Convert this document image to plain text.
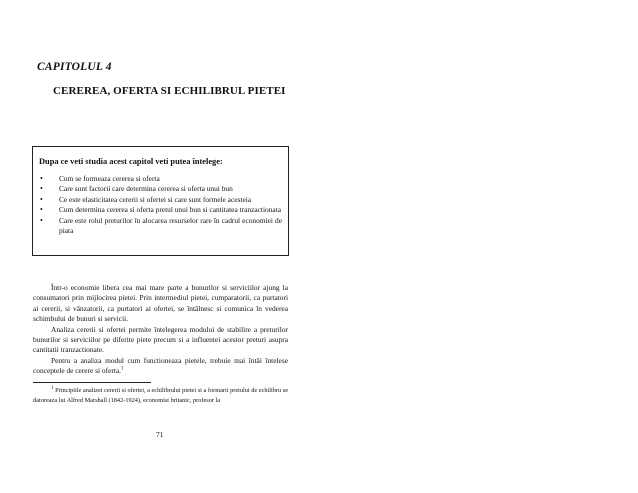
CAPITOLUL 4
CEREREA, OFERTA SI ECHILIBRUL PIETEI
Dupa ce veti studia acest capitol veti putea întelege:
• Cum se formeaza cererea si oferta
• Care sunt factorii care determina cererea si oferta unui bun
• Ce este elasticitatea cererii si ofertei si care sunt formele acesteia
• Cum determina cererea si oferta pretul unui bun si cantitatea tranzactionata
• Care este rolul preturilor în alocarea resurselor rare în cadrul economiei de piata

Într-o economie libera cea mai mare parte a bunurilor si serviciilor ajung la consumatori prin mijlocirea pietei. Prin intermediul pietei, cumparatorii, ca purtatori ai cererii, si vânzatorii, ca purtatori ai ofertei, se întâlnesc si comunica în vederea schimbului de bunuri si servicii.

Analiza cererii si ofertei permite întelegerea modului de stabilire a preturilor bunurilor si serviciilor pe diferite piete precum si a influentei acestor preturi asupra cantitatii tranzactionate.

Pentru a analiza modul cum functioneaza pietele, trebuie mai întâi întelese conceptele de cerere si oferta.$^1$

$^1$ Principiile analizei cererii si ofertei, a echilibrului pietei si a formarii pretului de echilibru se datoreaza lui Alfred Marshall (1842-1924), economist britanic, profesor la

71
